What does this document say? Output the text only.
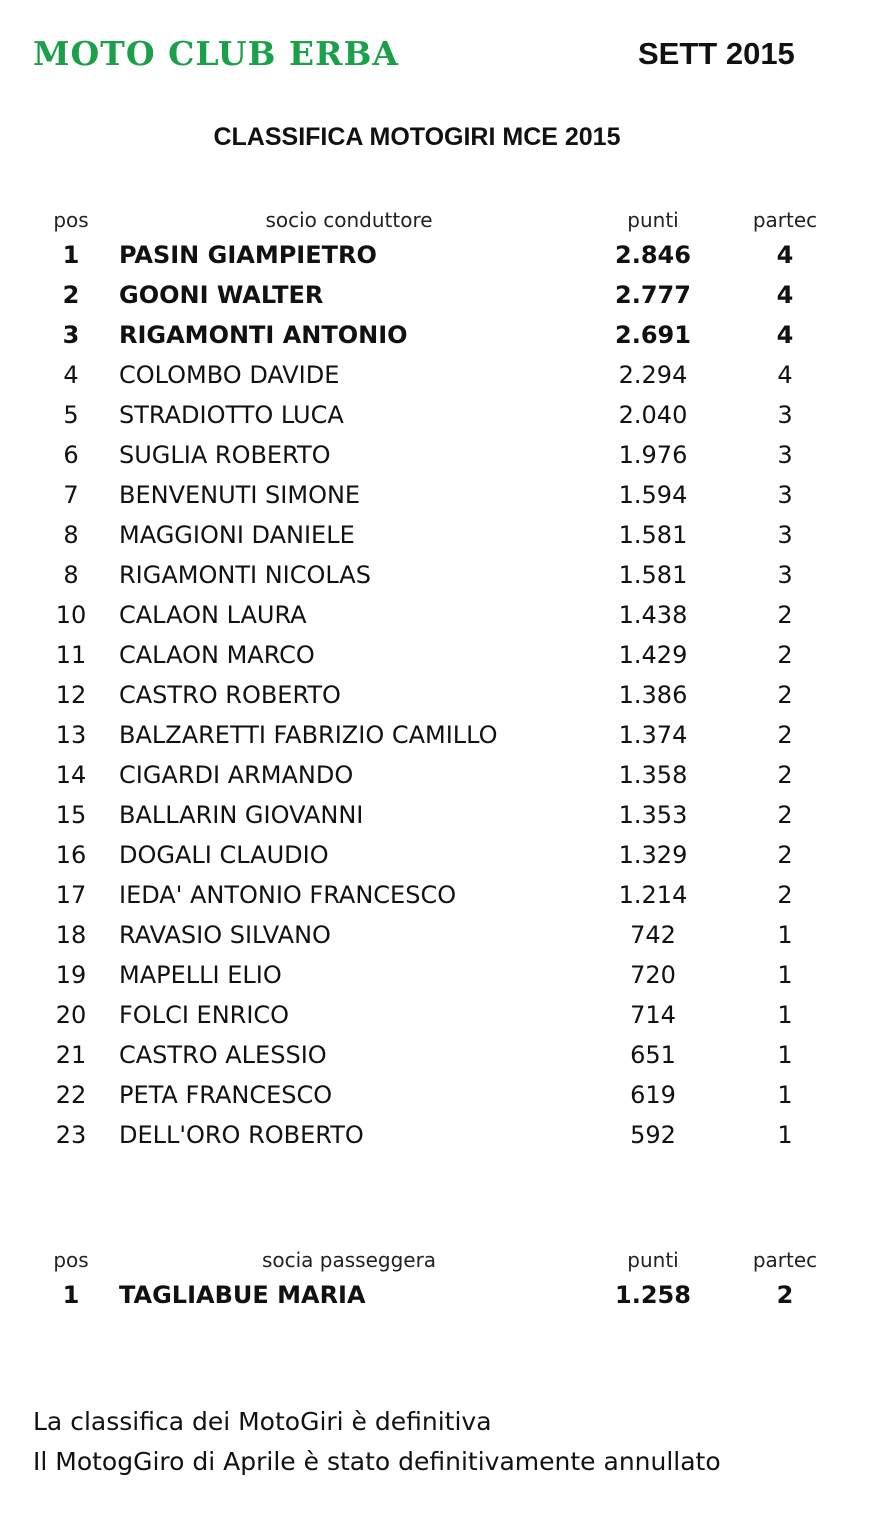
MOTO CLUB ERBA	SETT 2015
CLASSIFICA MOTOGIRI MCE 2015
pos	socio conduttore	punti	partec
1	PASIN GIAMPIETRO	2.846	4
2	GOONI WALTER	2.777	4
3	RIGAMONTI ANTONIO	2.691	4
4	COLOMBO DAVIDE	2.294	4
5	STRADIOTTO LUCA	2.040	3
6	SUGLIA ROBERTO	1.976	3
7	BENVENUTI SIMONE	1.594	3
8	MAGGIONI DANIELE	1.581	3
8	RIGAMONTI NICOLAS	1.581	3
10	CALAON LAURA	1.438	2
11	CALAON MARCO	1.429	2
12	CASTRO ROBERTO	1.386	2
13	BALZARETTI FABRIZIO CAMILLO	1.374	2
14	CIGARDI ARMANDO	1.358	2
15	BALLARIN GIOVANNI	1.353	2
16	DOGALI CLAUDIO	1.329	2
17	IEDA' ANTONIO FRANCESCO	1.214	2
18	RAVASIO SILVANO	742	1
19	MAPELLI ELIO	720	1
20	FOLCI ENRICO	714	1
21	CASTRO ALESSIO	651	1
22	PETA FRANCESCO	619	1
23	DELL'ORO ROBERTO	592	1
pos	socia passeggera	punti	partec
1	TAGLIABUE MARIA	1.258	2
La classifica dei MotoGiri è definitiva
Il MotogGiro di Aprile è stato definitivamente annullato
